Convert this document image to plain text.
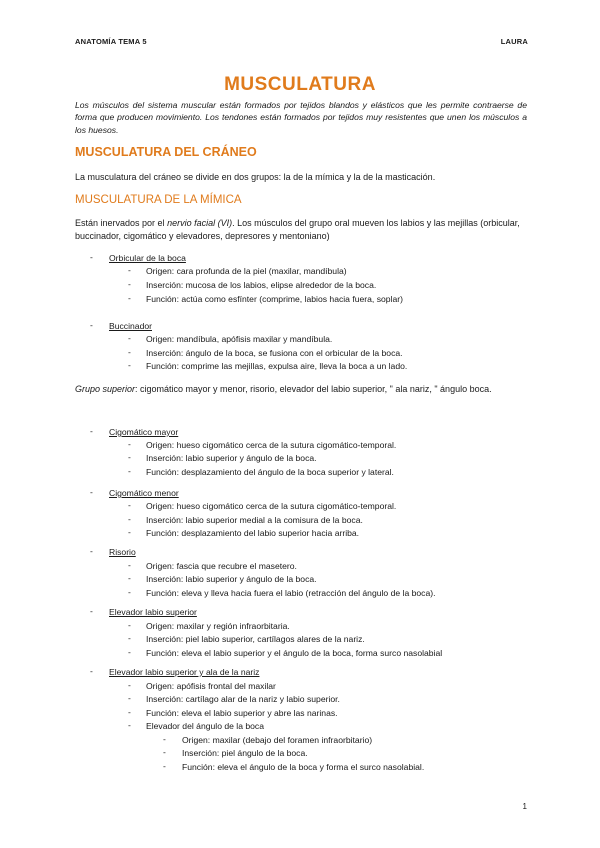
ANATOMÍA TEMA 5	LAURA
MUSCULATURA
Los músculos del sistema muscular están formados por tejidos blandos y elásticos que les permite contraerse de forma que producen movimiento. Los tendones están formados por tejidos muy resistentes que unen los músculos a los huesos.
MUSCULATURA DEL CRÁNEO
La musculatura del cráneo se divide en dos grupos: la de la mímica y la de la masticación.
MUSCULATURA DE LA MÍMICA
Están inervados por el nervio facial (VI). Los músculos del grupo oral mueven los labios y las mejillas (orbicular, buccinador, cigomático y elevadores, depresores y mentoniano)
- Orbicular de la boca
- Origen: cara profunda de la piel (maxilar, mandíbula)
- Inserción: mucosa de los labios, elipse alrededor de la boca.
- Función: actúa como esfínter (comprime, labios hacia fuera, soplar)
- Buccinador
- Origen: mandíbula, apófisis maxilar y mandíbula.
- Inserción: ángulo de la boca, se fusiona con el orbicular de la boca.
- Función: comprime las mejillas, expulsa aire, lleva la boca a un lado.
Grupo superior: cigomático mayor y menor, risorio, elevador del labio superior, " ala nariz, " ángulo boca.
- Cigomático mayor
- Origen: hueso cigomático cerca de la sutura cigomático-temporal.
- Inserción: labio superior y ángulo de la boca.
- Función: desplazamiento del ángulo de la boca superior y lateral.
- Cigomático menor
- Origen: hueso cigomático cerca de la sutura cigomático-temporal.
- Inserción: labio superior medial a la comisura de la boca.
- Función: desplazamiento del labio superior hacia arriba.
- Risorio
- Origen: fascia que recubre el masetero.
- Inserción: labio superior y ángulo de la boca.
- Función: eleva y lleva hacia fuera el labio (retracción del ángulo de la boca).
- Elevador labio superior
- Origen: maxilar y región infraorbitaria.
- Inserción: piel labio superior, cartílagos alares de la nariz.
- Función: eleva el labio superior y el ángulo de la boca, forma surco nasolabial
- Elevador labio superior y ala de la nariz
- Origen: apófisis frontal del maxilar
- Inserción: cartílago alar de la nariz y labio superior.
- Función: eleva el labio superior y abre las narinas.
- Elevador del ángulo de la boca
- Origen: maxilar (debajo del foramen infraorbitario)
- Inserción: piel ángulo de la boca.
- Función: eleva el ángulo de la boca y forma el surco nasolabial.
1
